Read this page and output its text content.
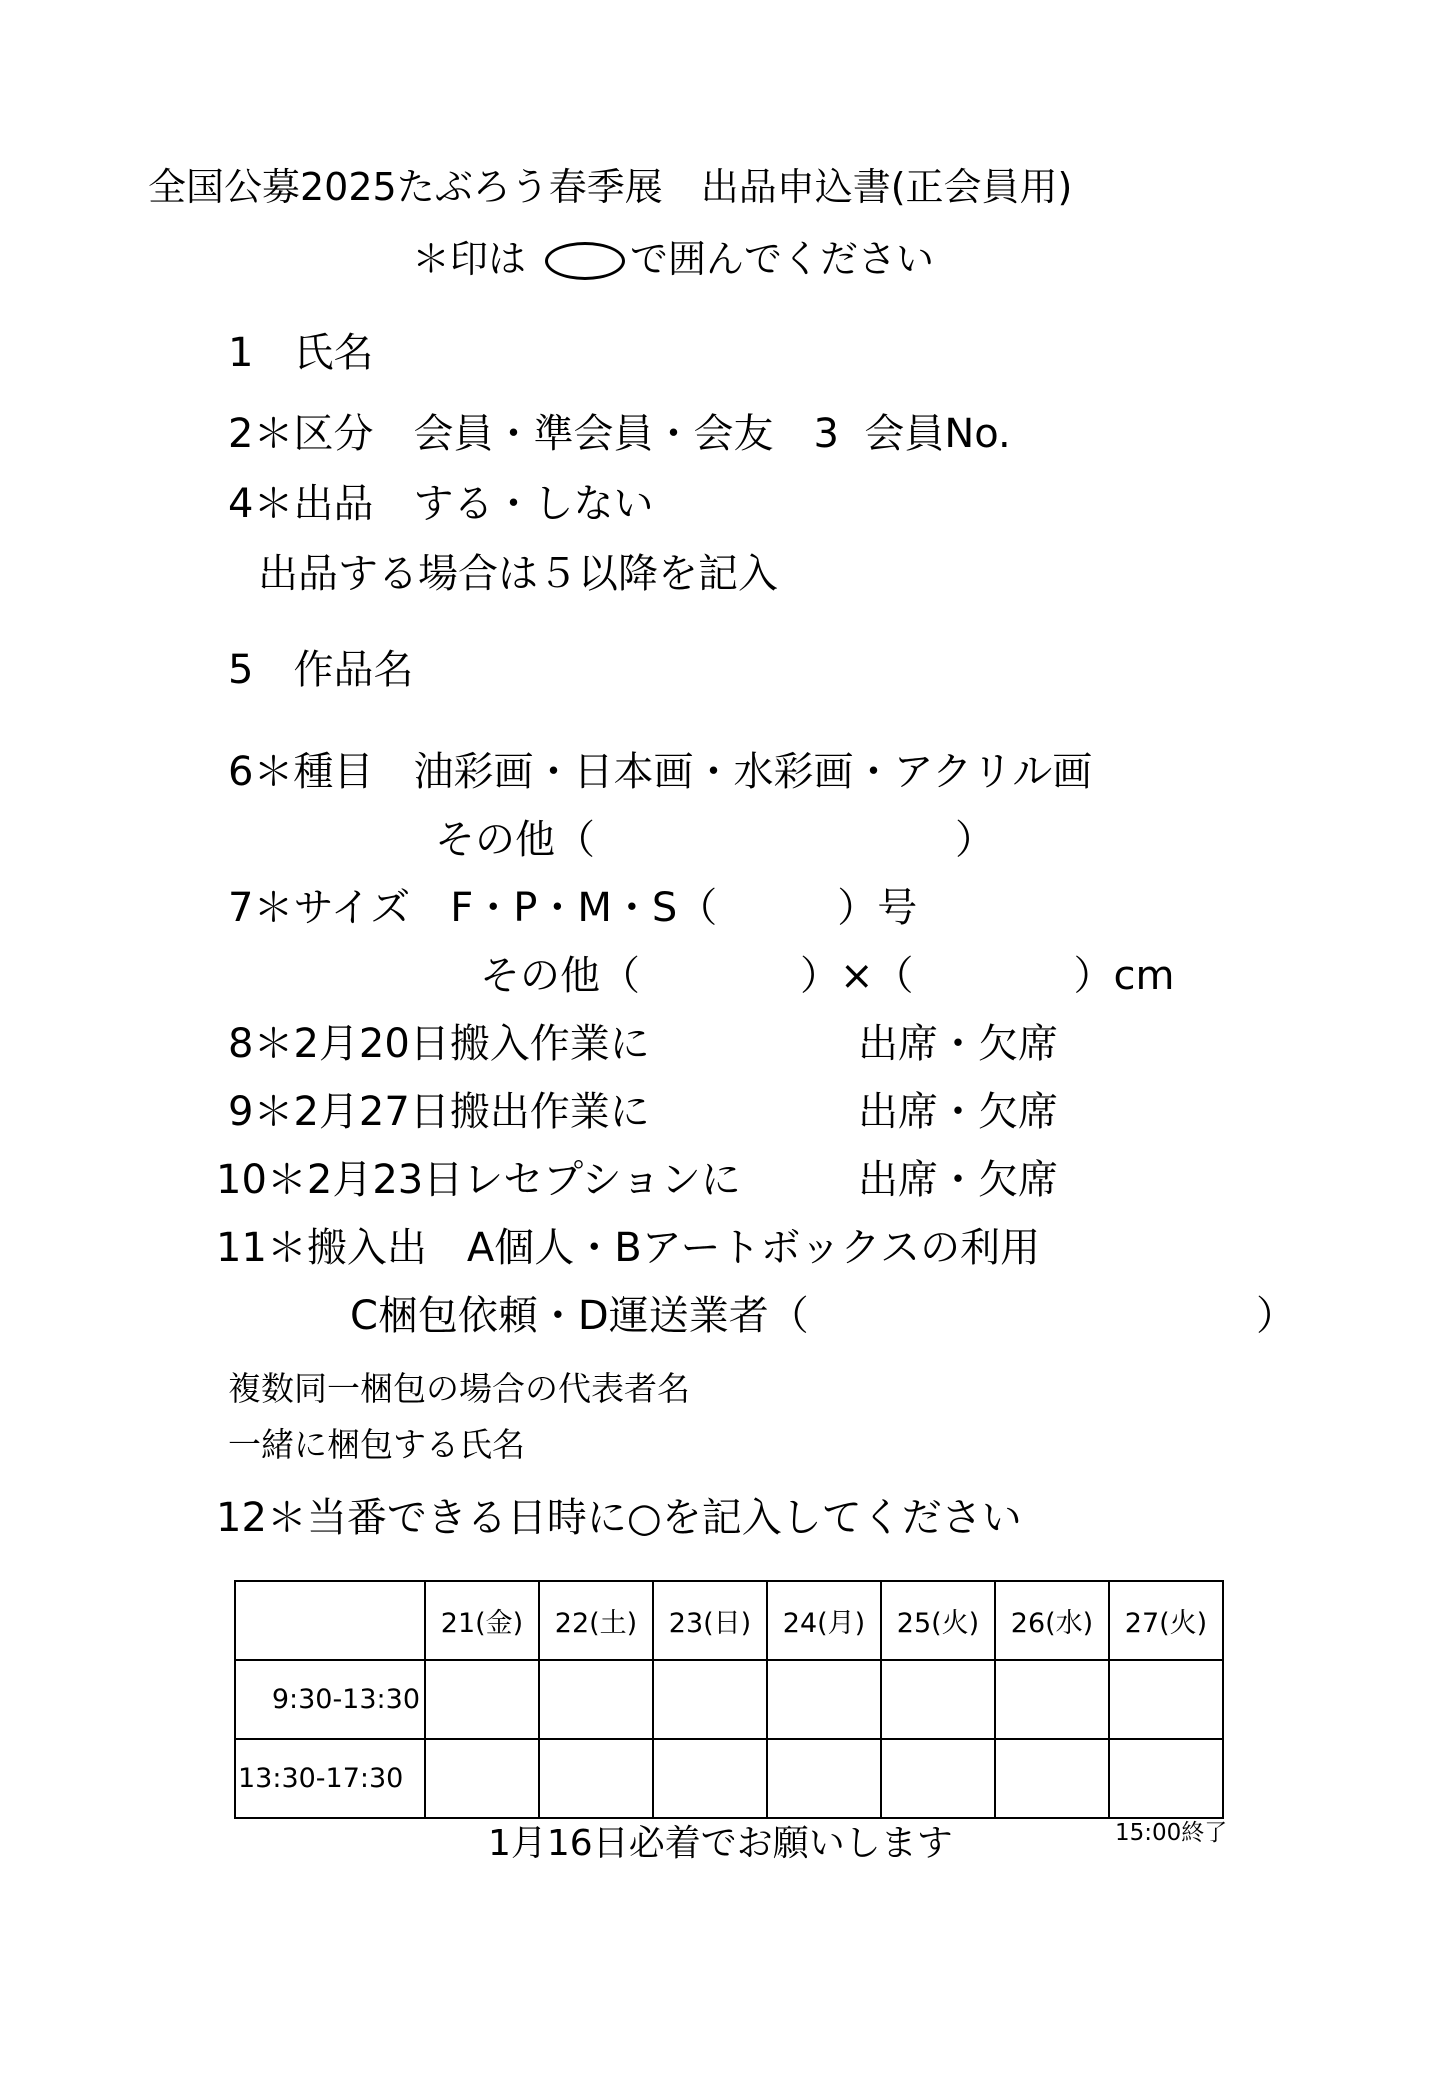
全国公募2025たぶろう春季展　出品申込書(正会員用)
＊印は	で囲んでください
1　氏名
2＊区分　会員・準会員・会友　3  会員No.
4＊出品　する・しない
出品する場合は５以降を記入
5　作品名
6＊種目　油彩画・日本画・水彩画・アクリル画
その他（　　　　　　　　　）
7＊サイズ　F・P・M・S（　　　）号
その他（　　　　）×（　　　　）cm
8＊2月20日搬入作業に	出席・欠席
9＊2月27日搬出作業に	出席・欠席
10＊2月23日レセプションに	出席・欠席
11＊搬入出　A個人・Bアートボックスの利用
C梱包依頼・D運送業者（	）
複数同一梱包の場合の代表者名
一緒に梱包する氏名
12＊当番できる日時に○を記入してください
	21(金)	22(土)	23(日)	24(月)	25(火)	26(水)	27(火)
9:30-13:30							
13:30-17:30							
1月16日必着でお願いします	15:00終了
